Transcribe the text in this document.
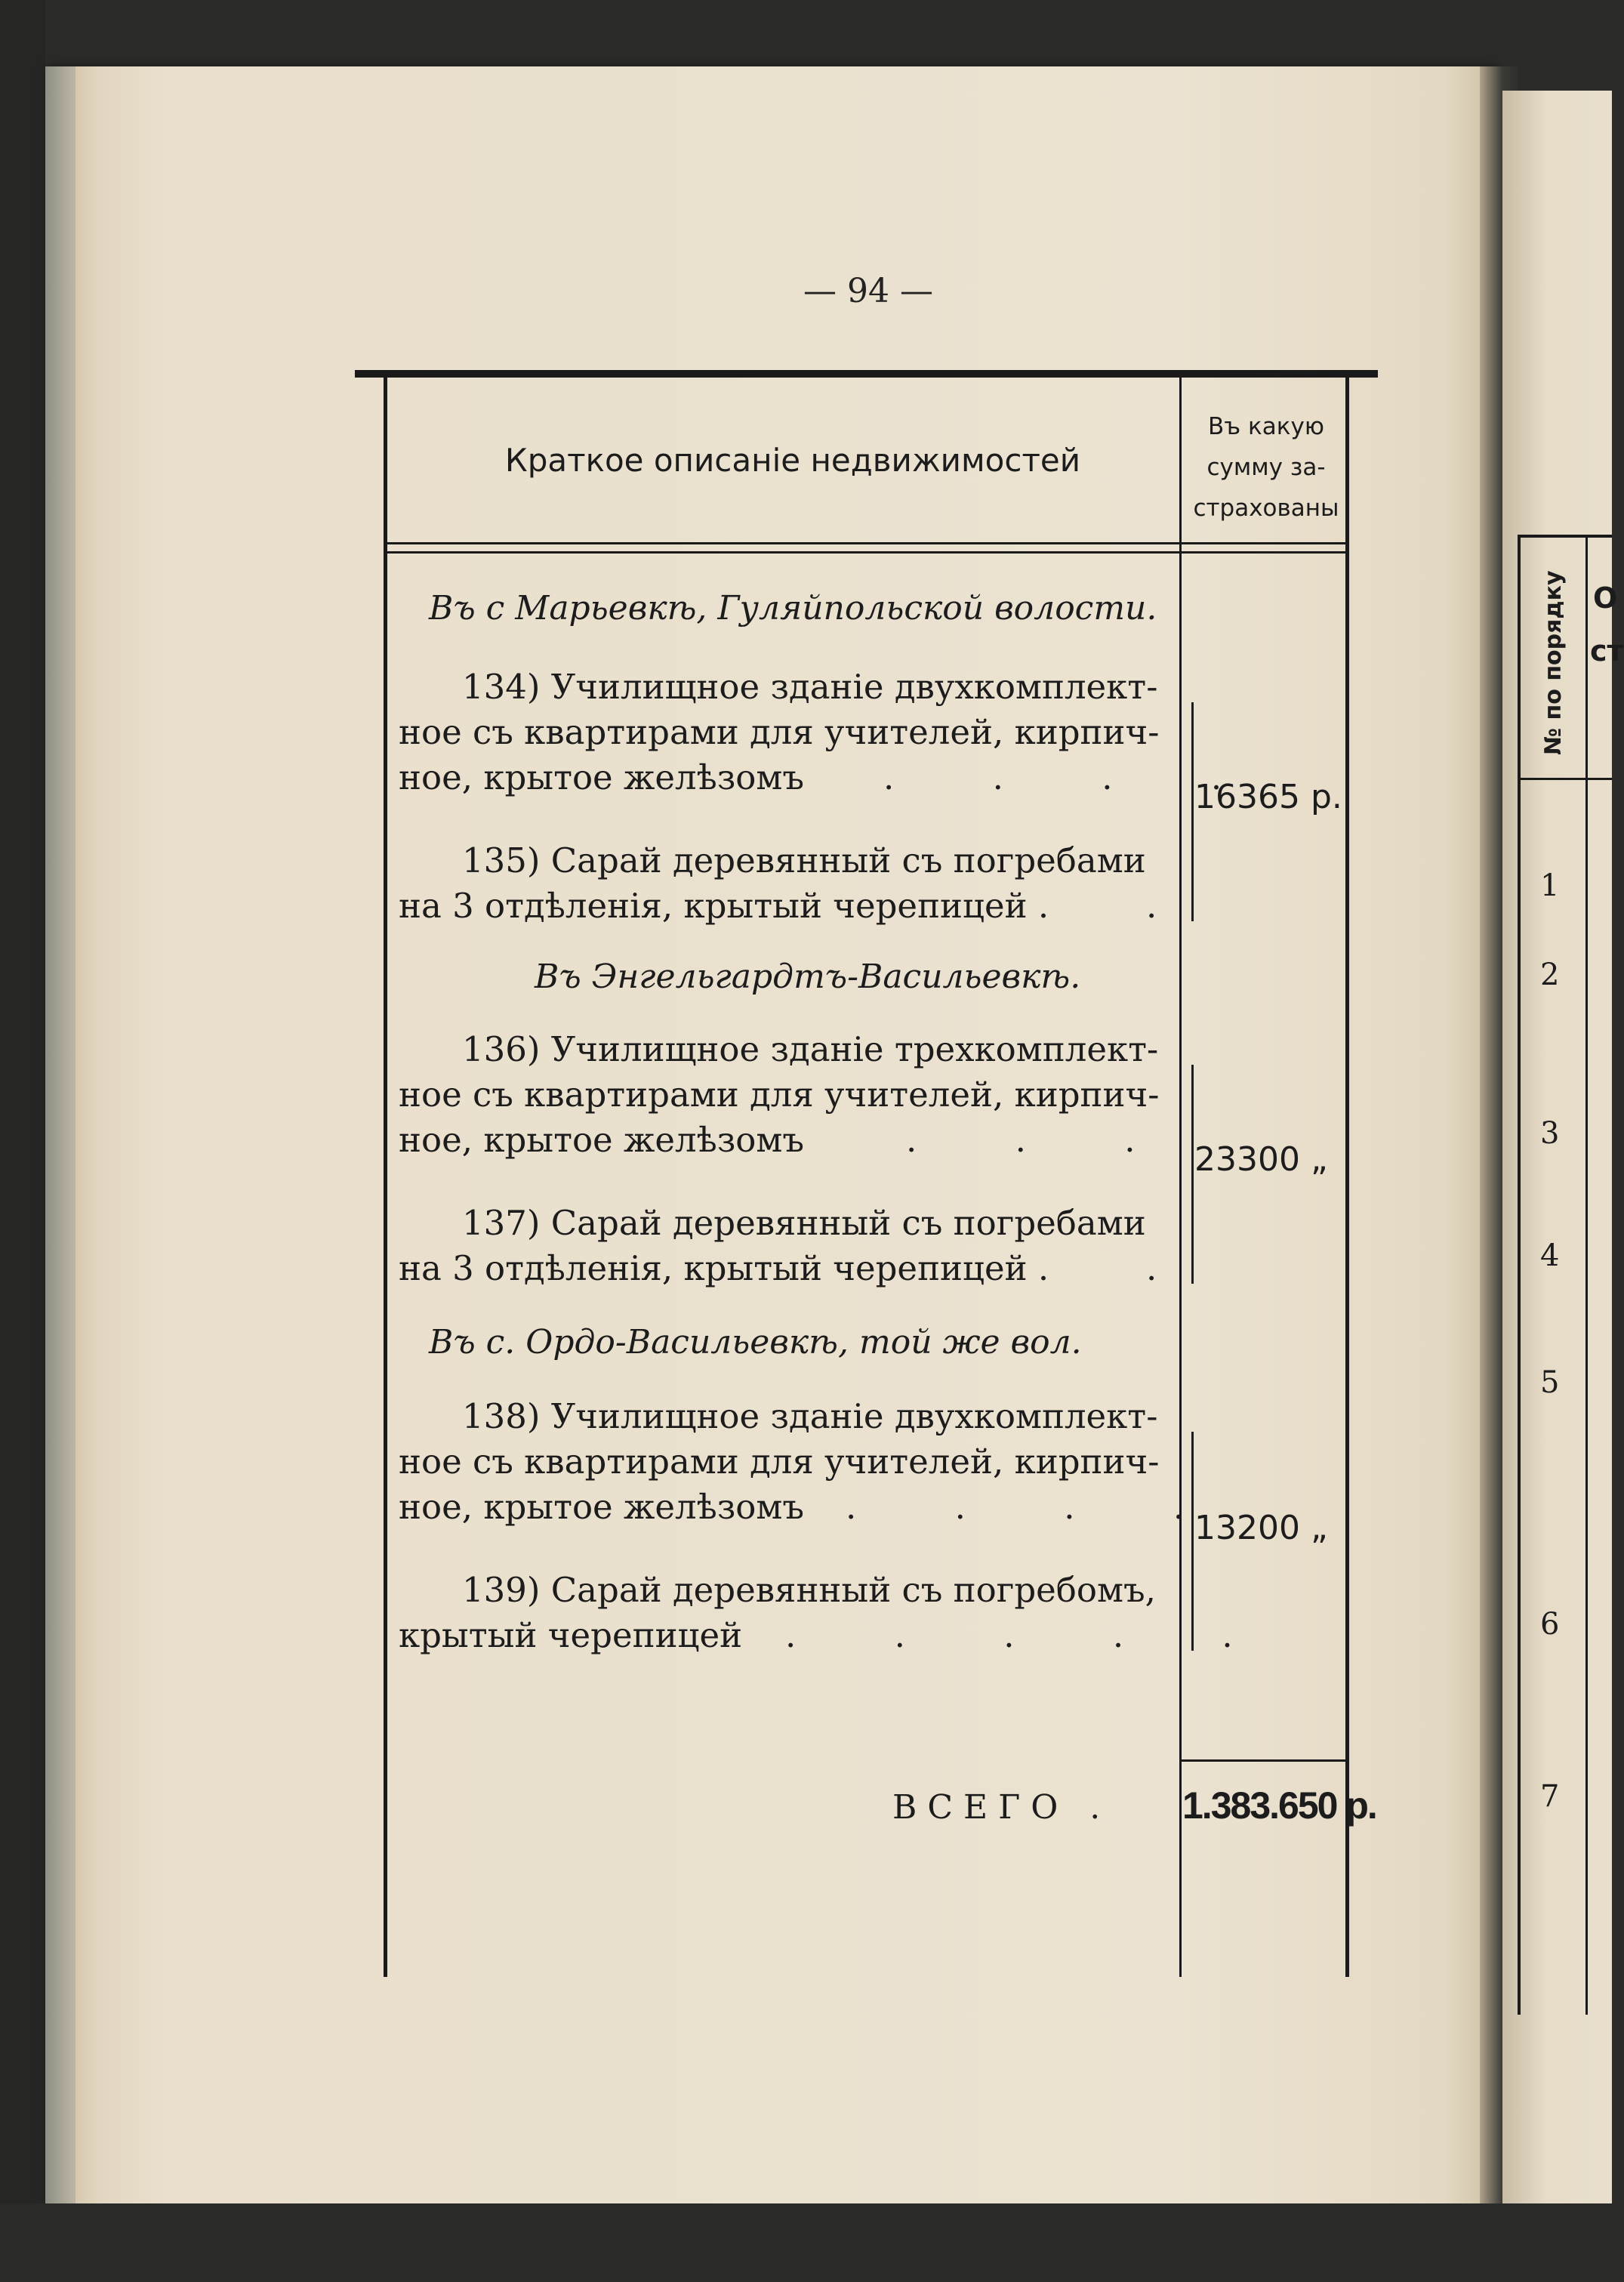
— 94 —
Краткое описаніе недвижимостей
Въ какую
сумму за-
страхованы
Въ с Марьевкѣ, Гуляйпольской волости.
134) Училищное зданіе двухкомплект-
ное съ квартирами для учителей, кирпич-
ное, крытое желѣзомъ	. . . .
135) Сарай деревянный съ погребами
на 3 отдѣленія, крытый черепицей .	.
16365 р.
Въ Энгельгардтъ-Васильевкѣ.
136) Училищное зданіе трехкомплект-
ное съ квартирами для учителей, кирпич-
ное, крытое желѣзомъ	. . .
137) Сарай деревянный съ погребами
на 3 отдѣленія, крытый черепицей .	.
23300 „
Въ с. Ордо-Васильевкѣ, той же вол.
138) Училищное зданіе двухкомплект-
ное съ квартирами для учителей, кирпич-
ное, крытое желѣзомъ	. . . .
139) Сарай деревянный съ погребомъ,
крытый черепицей	. . . . .
13200 „
ВСЕГО . 1.383.650 р.
№ по порядку О
ст
1
2
3
4
5
6
7
